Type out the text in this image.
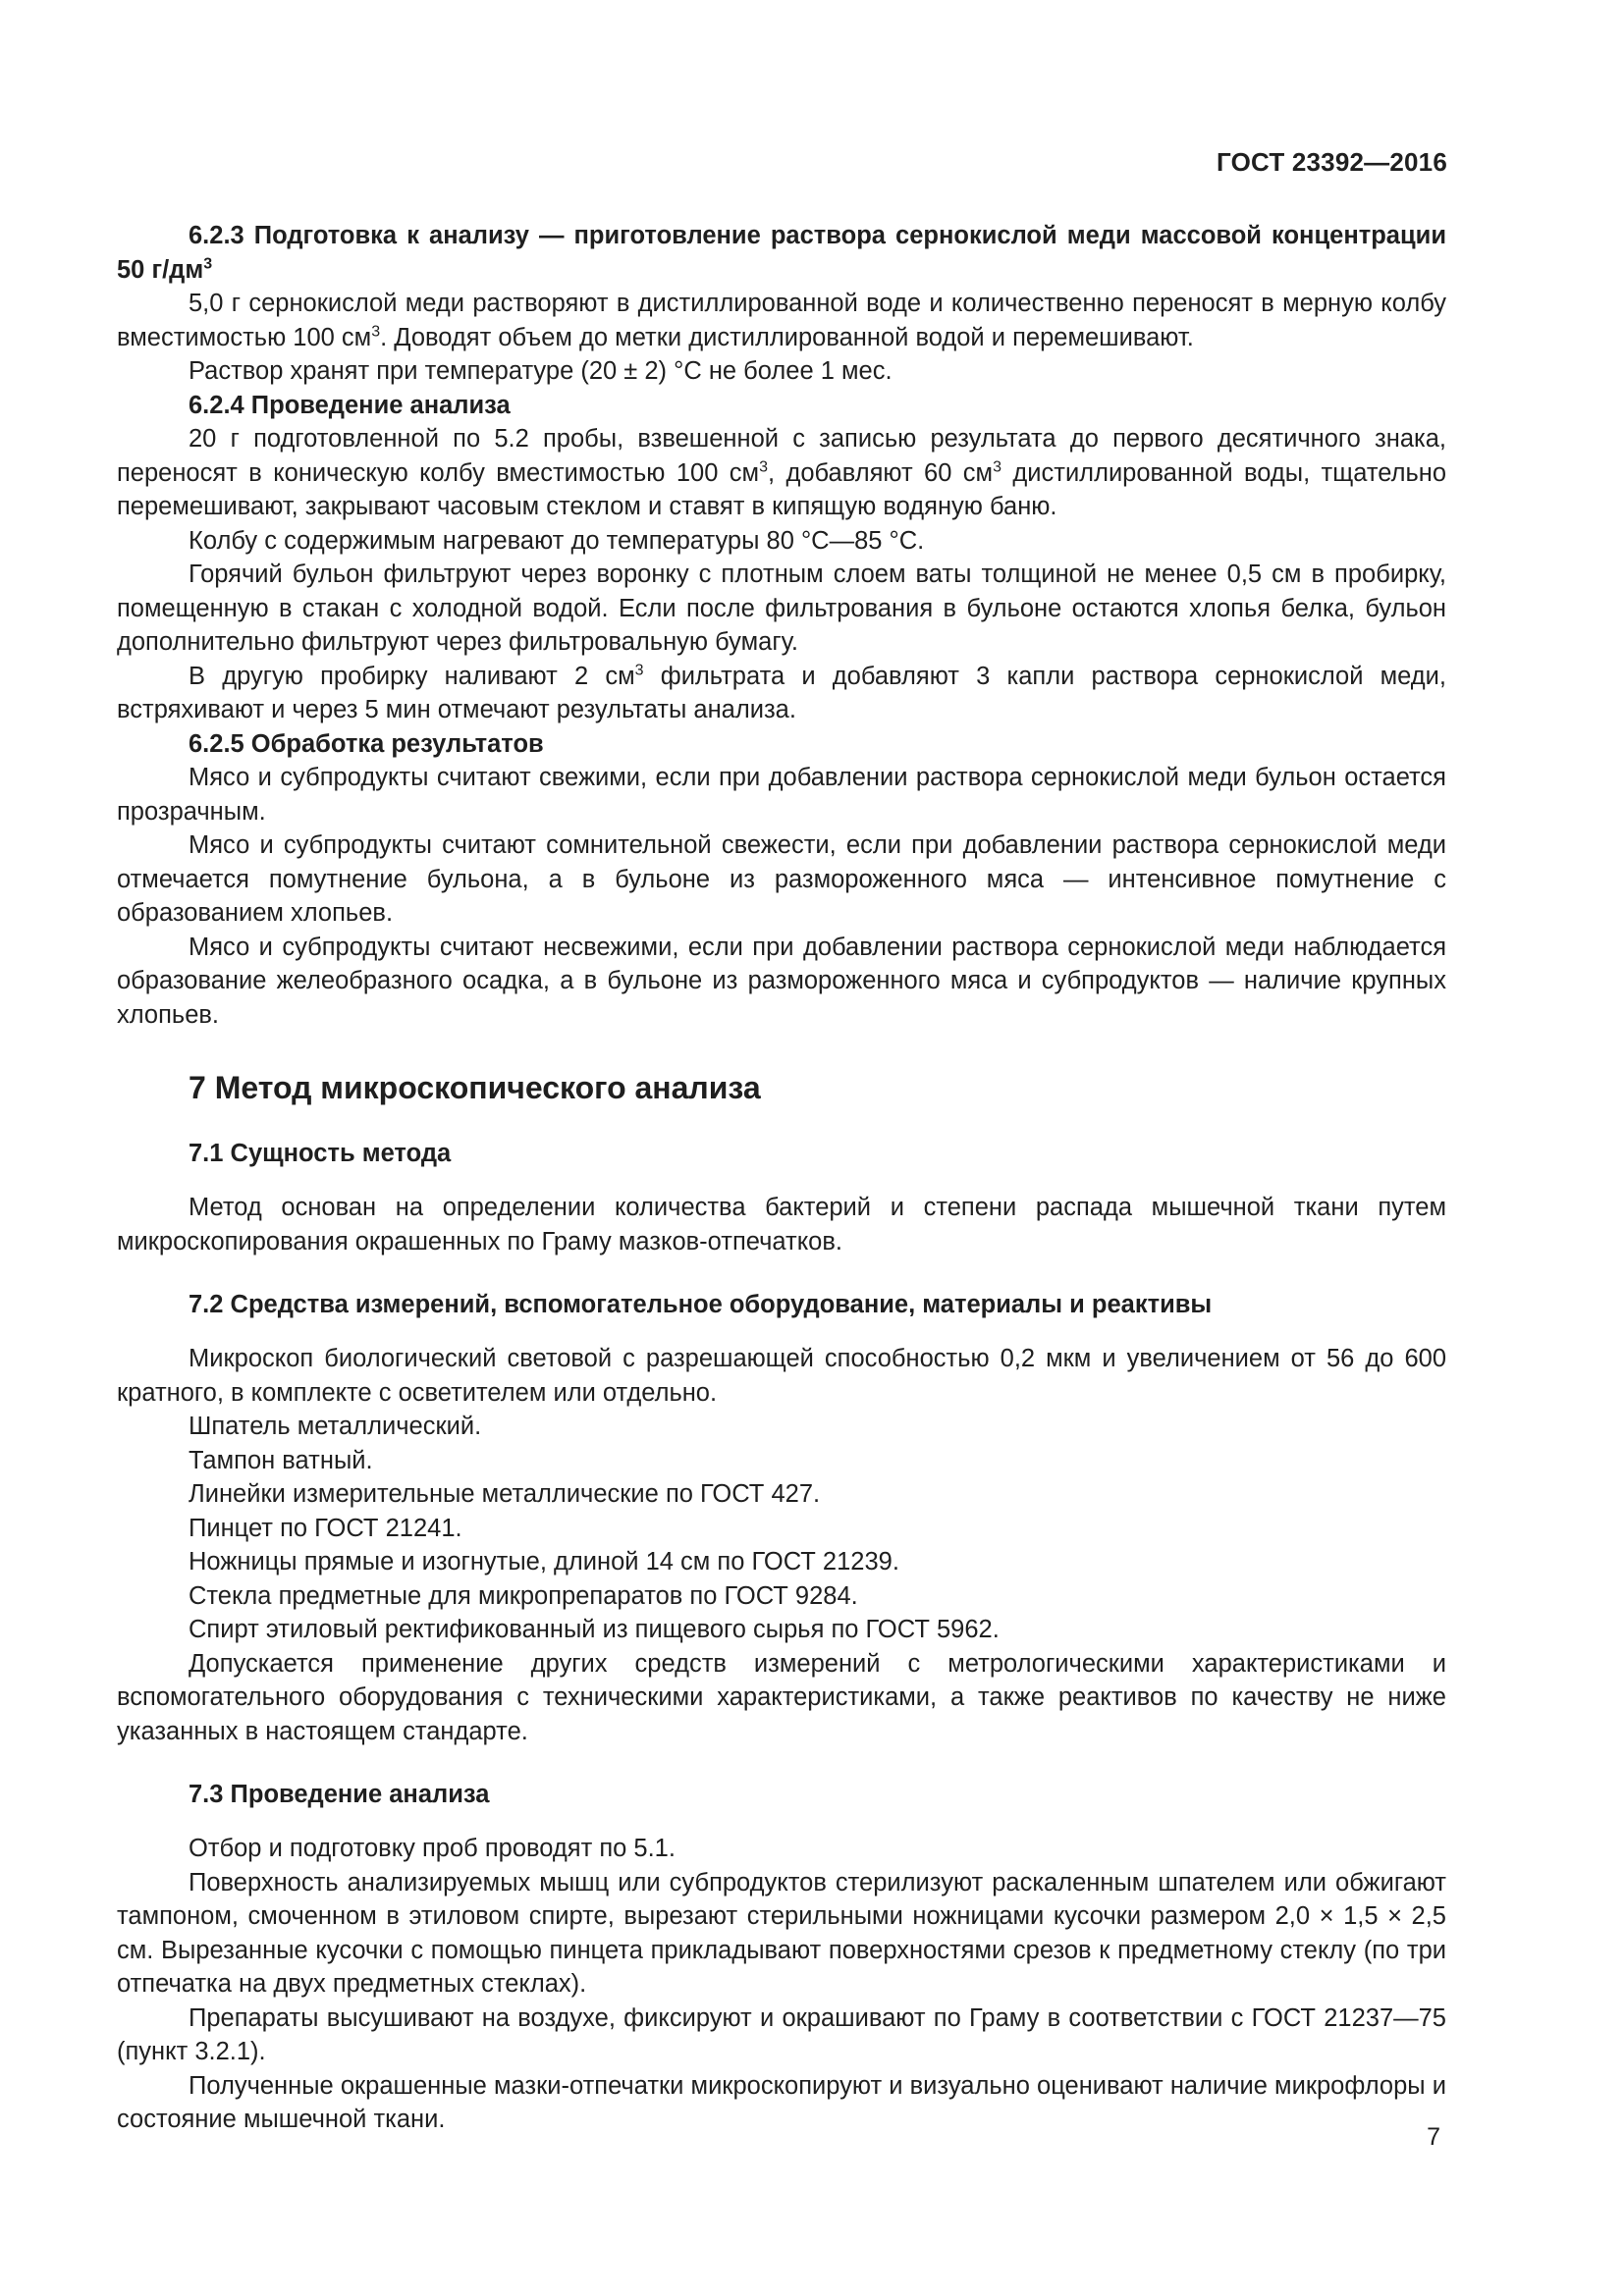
ГОСТ 23392—2016

6.2.3 Подготовка к анализу — приготовление раствора сернокислой меди массовой концентрации 50 $г/дм^3$

5,0 г сернокислой меди растворяют в дистиллированной воде и количественно переносят в мерную колбу вместимостью 100 $см^3$. Доводят объем до метки дистиллированной водой и перемешивают.

Раствор хранят при температуре (20 ± 2) °С не более 1 мес.

6.2.4 Проведение анализа

20 г подготовленной по 5.2 пробы, взвешенной с записью результата до первого десятичного знака, переносят в коническую колбу вместимостью 100 $см^3$, добавляют 60 $см^3$ дистиллированной воды, тщательно перемешивают, закрывают часовым стеклом и ставят в кипящую водяную баню.

Колбу с содержимым нагревают до температуры 80 °С—85 °С.

Горячий бульон фильтруют через воронку с плотным слоем ваты толщиной не менее 0,5 см в пробирку, помещенную в стакан с холодной водой. Если после фильтрования в бульоне остаются хлопья белка, бульон дополнительно фильтруют через фильтровальную бумагу.

В другую пробирку наливают 2 $см^3$ фильтрата и добавляют 3 капли раствора сернокислой меди, встряхивают и через 5 мин отмечают результаты анализа.

6.2.5 Обработка результатов

Мясо и субпродукты считают свежими, если при добавлении раствора сернокислой меди бульон остается прозрачным.

Мясо и субпродукты считают сомнительной свежести, если при добавлении раствора сернокислой меди отмечается помутнение бульона, а в бульоне из размороженного мяса — интенсивное помутнение с образованием хлопьев.

Мясо и субпродукты считают несвежими, если при добавлении раствора сернокислой меди наблюдается образование желеобразного осадка, а в бульоне из размороженного мяса и субпродуктов — наличие крупных хлопьев.

7 Метод микроскопического анализа
7.1 Сущность метода

Метод основан на определении количества бактерий и степени распада мышечной ткани путем микроскопирования окрашенных по Граму мазков-отпечатков.

7.2 Средства измерений, вспомогательное оборудование, материалы и реактивы

Микроскоп биологический световой с разрешающей способностью 0,2 мкм и увеличением от 56 до 600 кратного, в комплекте с осветителем или отдельно.

Шпатель металлический.

Тампон ватный.

Линейки измерительные металлические по ГОСТ 427.

Пинцет по ГОСТ 21241.

Ножницы прямые и изогнутые, длиной 14 см по ГОСТ 21239.

Стекла предметные для микропрепаратов по ГОСТ 9284.

Спирт этиловый ректификованный из пищевого сырья по ГОСТ 5962.

Допускается применение других средств измерений с метрологическими характеристиками и вспомогательного оборудования с техническими характеристиками, а также реактивов по качеству не ниже указанных в настоящем стандарте.

7.3 Проведение анализа

Отбор и подготовку проб проводят по 5.1.

Поверхность анализируемых мышц или субпродуктов стерилизуют раскаленным шпателем или обжигают тампоном, смоченном в этиловом спирте, вырезают стерильными ножницами кусочки размером 2,0 × 1,5 × 2,5 см. Вырезанные кусочки с помощью пинцета прикладывают поверхностями срезов к предметному стеклу (по три отпечатка на двух предметных стеклах).

Препараты высушивают на воздухе, фиксируют и окрашивают по Граму в соответствии с ГОСТ 21237—75 (пункт 3.2.1).

Полученные окрашенные мазки-отпечатки микроскопируют и визуально оценивают наличие микрофлоры и состояние мышечной ткани.

7
